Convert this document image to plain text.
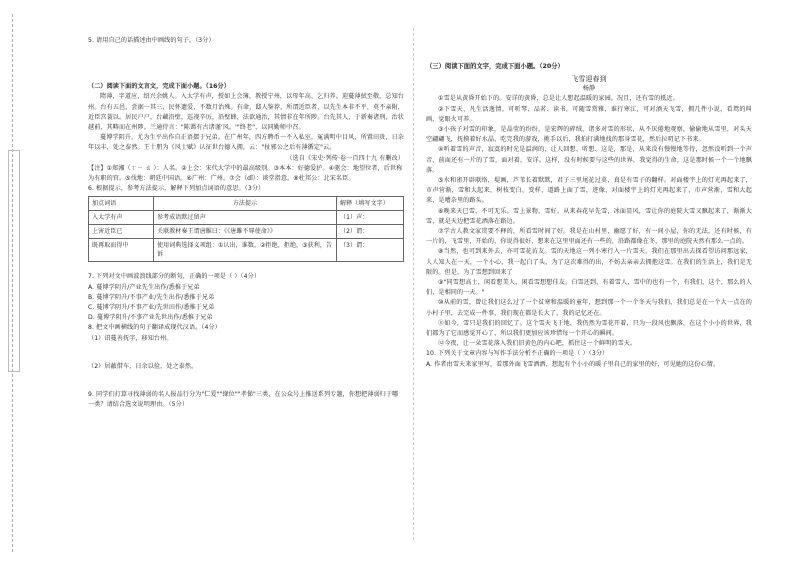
5. 请用自己的话描述由中画线的句子。（3分）
（二）阅读下面的文言文，完成下面小题。（16分）

隋薄，字道应，绍兴余姚人。入太学有声，授如上会簿，教授宁州，以母年高，乞归养。迎蔓薄拭至敬，总知台州。台有五邑，尝据一其三，民怀遗爱，不数月治殊。有命，邸人鉴荐，所谓近臣者，以先生本非不平，莫不亲附，近臣宫蓑以。居民户户，台藏沿壁，巡视辛厉，沿壁蜂，法欲通治，其情非在年所陟。台先其人，于新奏诸刑，治状越前，其畴而在州陟。兰通侍言："陈蔼有古诸谨'风。'"终老"，以同勤师中召。

蔓博学阴升，尤为生平出作自正语摺于兄弟。在广州年，四方聘币一不入私室，冤满明中目风，所置田贵，日杂年以丰，处之泰然。王十朋为《风士赋》认征世台德入拥，云："扯邪公之后有薄循定"云。

（选自《宋史·列传·卷一百四十九 有删改）
【注】①郑湘（ㄒㄧ ㄠ ）：人名。②上会：宋代大学中的最高级别。③本本：好德爱护。④驱会：地望位者，后世称为有职的官。⑤伐地：朝廷中国语。⑥广州：广州。⑦会（dǐ）：谈堂指意。⑧杜邦公：北宋名臣。
6. 根据提示，参考方法提示，解释下列加点词语的意思。（3分）
加点词语	方法提示	解释（填写文字）
入太学有声	参考成语默过留声	（1）声：
上害近臣已	关联教材奏王谓唐睢曰：《《唐雎不辱使命》》	（2）谓：
既再取而得中	使用词典选择义项组：①认出，谁数，②拒绝，拒绝，③获利，告诉	（3）谓：
7. 下列对文中画波浪线部分的断句，正确的一项是（ ）（4分）
A. 蔓博学阴升/产业先生出作/悉推于兄弟
B. 蔓博学阴升/不事产业/先生出作/悉推于兄弟
C. 蔓博学阴升/不事产业/先世田作/悉推于兄弟
D. 蔓博学阴升/不事产业先世出作/悉推于兄弟
8. 把文中画横线的句子翻译成现代汉语。（4分）
（1）诏蔓善抚字，移知台州。
（2）居蔽借车，日余以俭，处之泰然。
9. 同学们打算寻找薄弱的名人报品行分为"仁爱""缘位""孝悌"三类，在公众号上推送系列专题，你想把薄弱归于哪一类？请结合选文说明理由。（5分）
（三）阅读下面的文字，完成下面小题。（20分）
飞雪迎春到
杨静

①雪是从黄昏开始下的。安详的黄昏，总是让人想起温暖的家园。况且，还有雪的抵近。

②下雪天，凡生活逸情。可听琴、品茗、读书，可随雪赏雅、谁行寒江，可对酒天飞雪，拥几件小说，看鸳的叫画，觉眼火可养。

③小孩子对雪的印象，是晶莹的纷纷，是宏辉的碎绒，诸多对雪的形状，从不厌倦地观察，偷偷地从雪里，对头天空翩翩飞，抚摸着好水晶，吃完我的游戏，挑手以后，我拍打满地找的那身雪花，然后拉叨记下书来。

④听着雪的声音，寂寞的时光是温润的，让人回想、听想、这是，那是，从来没有慢慢地等待，忽然没听到一个声音，前面还有一片的了雪，面对着，安详。这样，没有时候要与这些的世界，我觉得的生命，这是那时候一个一个地飘落。

⑤水和雀开辟联络，堤画，芦苇长着默默，君子三里尾花过莫，真是有雪子的翻样。对面楼宇上的灯光再起来了，市声营渐，雪和大起来，树枝变白，变样，道路上面了雪，迹像，对面楼宇上的灯光再起来了，市声营渐，雪和大起来，是嘈杂里的路头。

⑥晚来天已雪，不可无乐。雪上景物，雪好。从来春花早先雪，冰面显风，雪让你的庭院大雪又飘起来了，渐渐大雪，就是天边把雪花洒落在路边。

⑦学古人教文家贯要不释的，所看雪时间了好。我是在山村里，幽愿了好，有一间小屋，你的无法，还有时候，有一片的，飞雪里，开始的，你说得很好，想来在这里里面还有一些的，沿路都像在冬，那里的庭院天然有那么一点的。

⑧当然，也可到来外去，亦可雪花访友。雪的天地这一列小寒行入一片雪天，我们在那里出去探看望访问那远家，人人知人在一天，一个小心，我一起白了头，为了这次难得的出，不妨去亲亲去拥抱这雪。在我们的生活上，我们是无限的。但是，为了雪想到回来了

⑨"同雪想高士，闲看想美人，闲看雪想想佳友。白雪还到，有着雪人，雪中的也有一个，有我们，这个，那么的人们，是相同的一天。"

⑩从前的雪，曾让我们这么过了一个贫寒和温暖的童年，想到那一个一个冬天与我们，我们总是在一个大一点在的小村子里，去完成一件事，我们现在都是长大了，我的记忆还在。

⑪如今，雪只是我们的回忆了。这个雪天飞于地，我仍然为雪花开着，只为一段风也飘落，在这个小小的世界，我们都为了它而感觉开心了，所以我们更加应该珍惜每一个开心的瞬间。

⑫今夜，让一朵雪花落入我们旧黄色的内心吧，抓住这一个鲜明的雪天。

10. 下列关于文章内容与写作手法分析不正确的一项是（ ）（3分）
A. 作者由雪天来家里写，看那外面飞雪洒洒，想起有个小小的暖子里自己的家里的好，可见她的这份心情。
